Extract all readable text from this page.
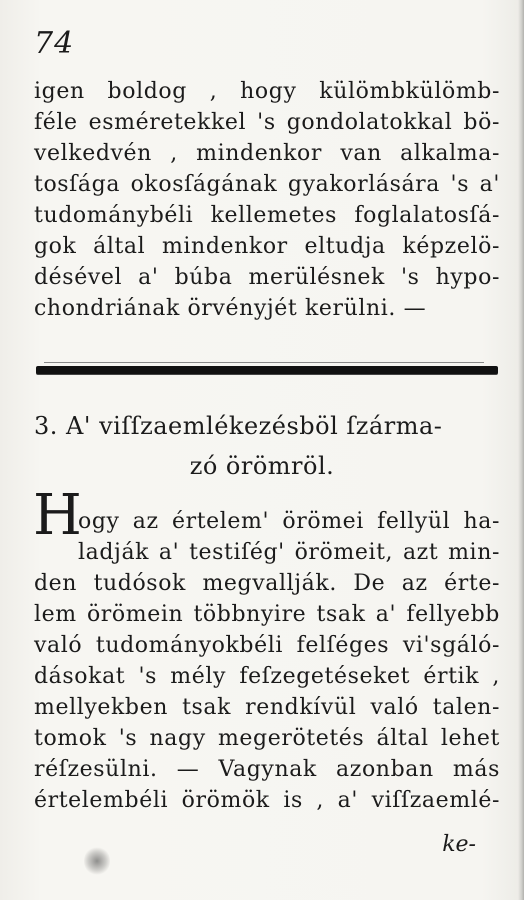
74
igen boldog , hogy külömbkülömb-
féle esméretekkel 's gondolatokkal bö-
velkedvén , mindenkor van alkalma-
tosſága okosſágának gyakorlására 's a'
tudománybéli kellemetes foglalatosſá-
gok által mindenkor eltudja képzelö-
désével a' búba merülésnek 's hypo-
chondriának örvényjét kerülni. —
3. A' viſſzaemlékezésböl ſzárma-
zó örömröl.
H
ogy az értelem' örömei fellyül ha-
ladják a' testiſég' örömeit, azt min-
den tudósok megvallják. De az érte-
lem örömein többnyire tsak a' fellyebb
való tudományokbéli felſéges vi'sgáló-
dásokat 's mély feſzegetéseket értik ,
mellyekben tsak rendkívül való talen-
tomok 's nagy megerötetés által lehet
réſzesülni. — Vagynak azonban más
értelembéli örömök is , a' viſſzaemlé-
ke-
